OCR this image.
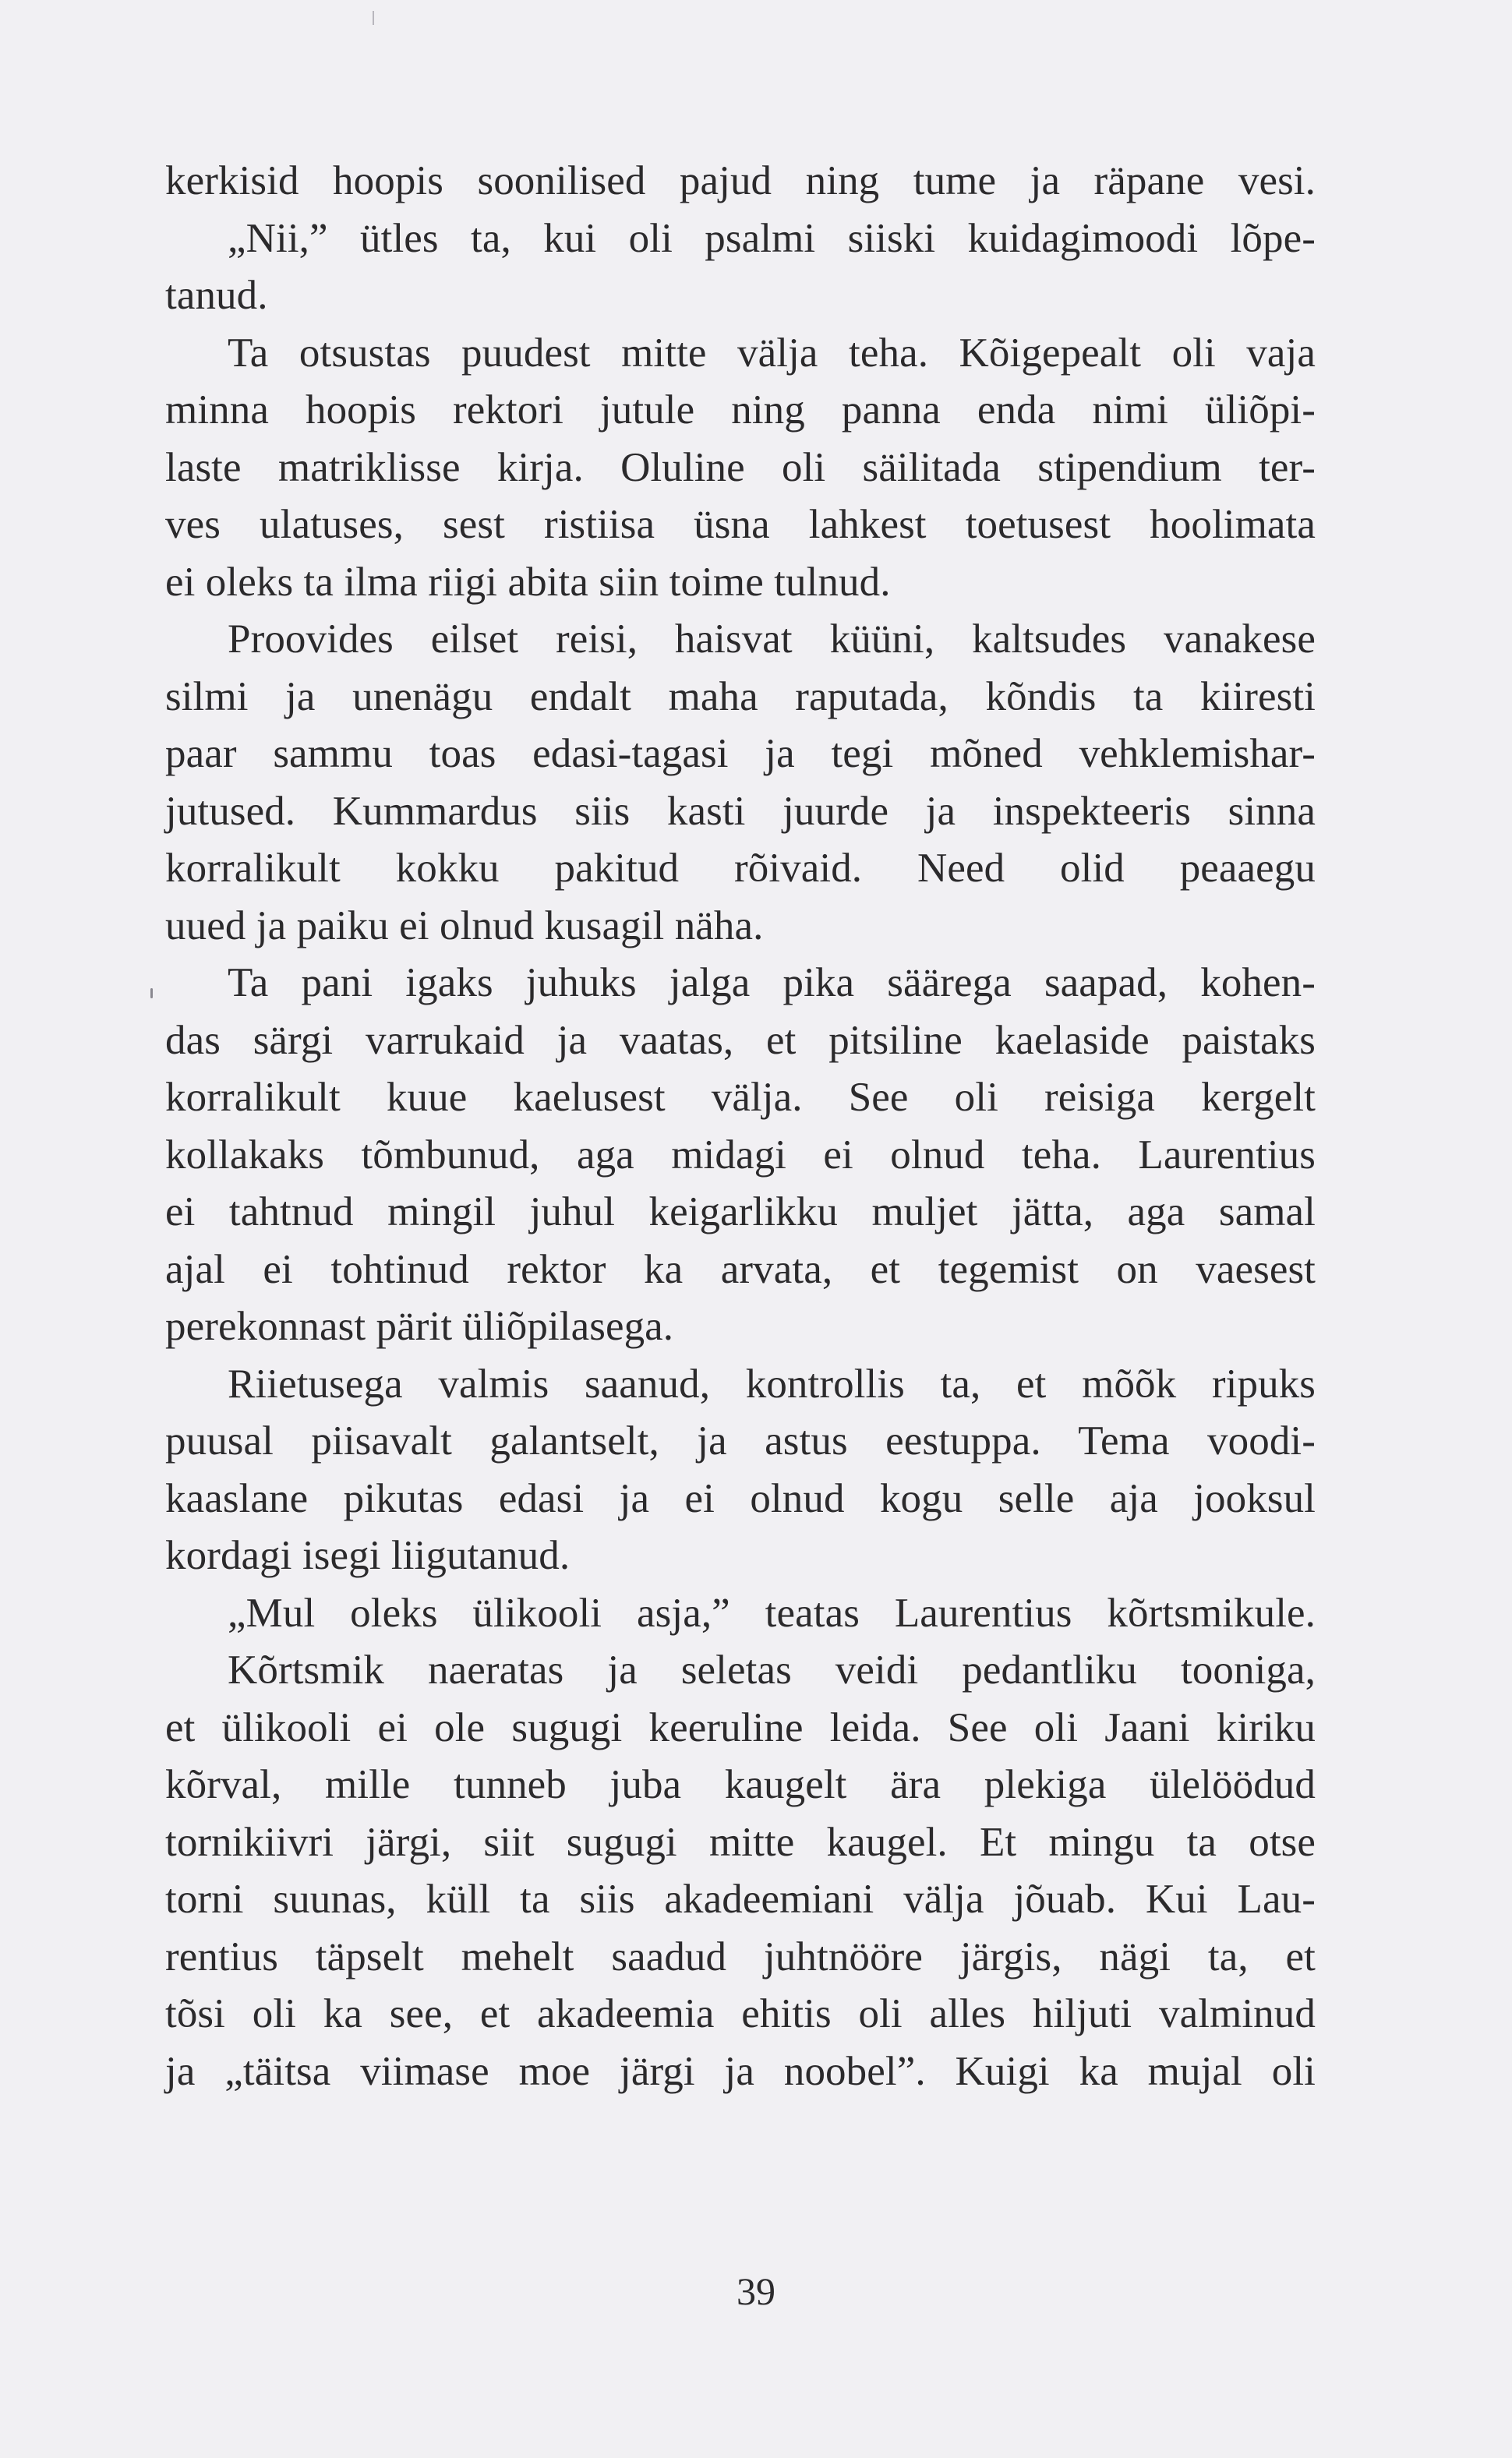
kerkisid hoopis soonilised pajud ning tume ja räpane vesi.
„Nii,” ütles ta, kui oli psalmi siiski kuidagimoodi lõpe-
tanud.
Ta otsustas puudest mitte välja teha. Kõigepealt oli vaja
minna hoopis rektori jutule ning panna enda nimi üliõpi-
laste matriklisse kirja. Oluline oli säilitada stipendium ter-
ves ulatuses, sest ristiisa üsna lahkest toetusest hoolimata
ei oleks ta ilma riigi abita siin toime tulnud.
Proovides eilset reisi, haisvat küüni, kaltsudes vanakese
silmi ja unenägu endalt maha raputada, kõndis ta kiiresti
paar sammu toas edasi-tagasi ja tegi mõned vehklemishar-
jutused. Kummardus siis kasti juurde ja inspekteeris sinna
korralikult kokku pakitud rõivaid. Need olid peaaegu
uued ja paiku ei olnud kusagil näha.
Ta pani igaks juhuks jalga pika säärega saapad, kohen-
das särgi varrukaid ja vaatas, et pitsiline kaelaside paistaks
korralikult kuue kaelusest välja. See oli reisiga kergelt
kollakaks tõmbunud, aga midagi ei olnud teha. Laurentius
ei tahtnud mingil juhul keigarlikku muljet jätta, aga samal
ajal ei tohtinud rektor ka arvata, et tegemist on vaesest
perekonnast pärit üliõpilasega.
Riietusega valmis saanud, kontrollis ta, et mõõk ripuks
puusal piisavalt galantselt, ja astus eestuppa. Tema voodi-
kaaslane pikutas edasi ja ei olnud kogu selle aja jooksul
kordagi isegi liigutanud.
„Mul oleks ülikooli asja,” teatas Laurentius kõrtsmikule.
Kõrtsmik naeratas ja seletas veidi pedantliku tooniga,
et ülikooli ei ole sugugi keeruline leida. See oli Jaani kiriku
kõrval, mille tunneb juba kaugelt ära plekiga ülelöödud
tornikiivri järgi, siit sugugi mitte kaugel. Et mingu ta otse
torni suunas, küll ta siis akadeemiani välja jõuab. Kui Lau-
rentius täpselt mehelt saadud juhtnööre järgis, nägi ta, et
tõsi oli ka see, et akadeemia ehitis oli alles hiljuti valminud
ja „täitsa viimase moe järgi ja noobel”. Kuigi ka mujal oli
39
